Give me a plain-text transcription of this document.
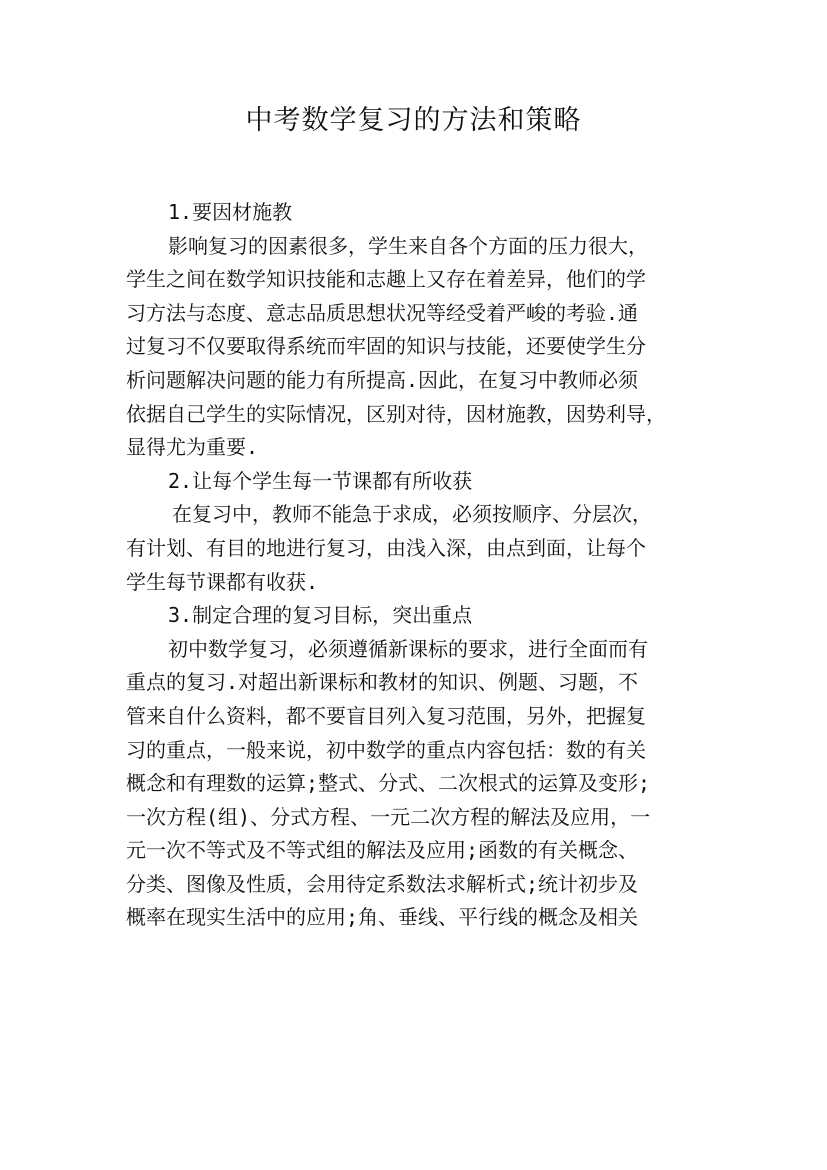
中考数学复习的方法和策略
1.要因材施教
影响复习的因素很多，学生来自各个方面的压力很大，
学生之间在数学知识技能和志趣上又存在着差异，他们的学
习方法与态度、意志品质思想状况等经受着严峻的考验.通
过复习不仅要取得系统而牢固的知识与技能，还要使学生分
析问题解决问题的能力有所提高.因此，在复习中教师必须
依据自己学生的实际情况，区别对待，因材施教，因势利导，
显得尤为重要.
2.让每个学生每一节课都有所收获
在复习中，教师不能急于求成，必须按顺序、分层次，
有计划、有目的地进行复习，由浅入深，由点到面，让每个
学生每节课都有收获.
3.制定合理的复习目标，突出重点
初中数学复习，必须遵循新课标的要求，进行全面而有
重点的复习.对超出新课标和教材的知识、例题、习题，不
管来自什么资料，都不要盲目列入复习范围，另外，把握复
习的重点，一般来说，初中数学的重点内容包括：数的有关
概念和有理数的运算;整式、分式、二次根式的运算及变形;
一次方程(组)、分式方程、一元二次方程的解法及应用，一
元一次不等式及不等式组的解法及应用;函数的有关概念、
分类、图像及性质，会用待定系数法求解析式;统计初步及
概率在现实生活中的应用;角、垂线、平行线的概念及相关
